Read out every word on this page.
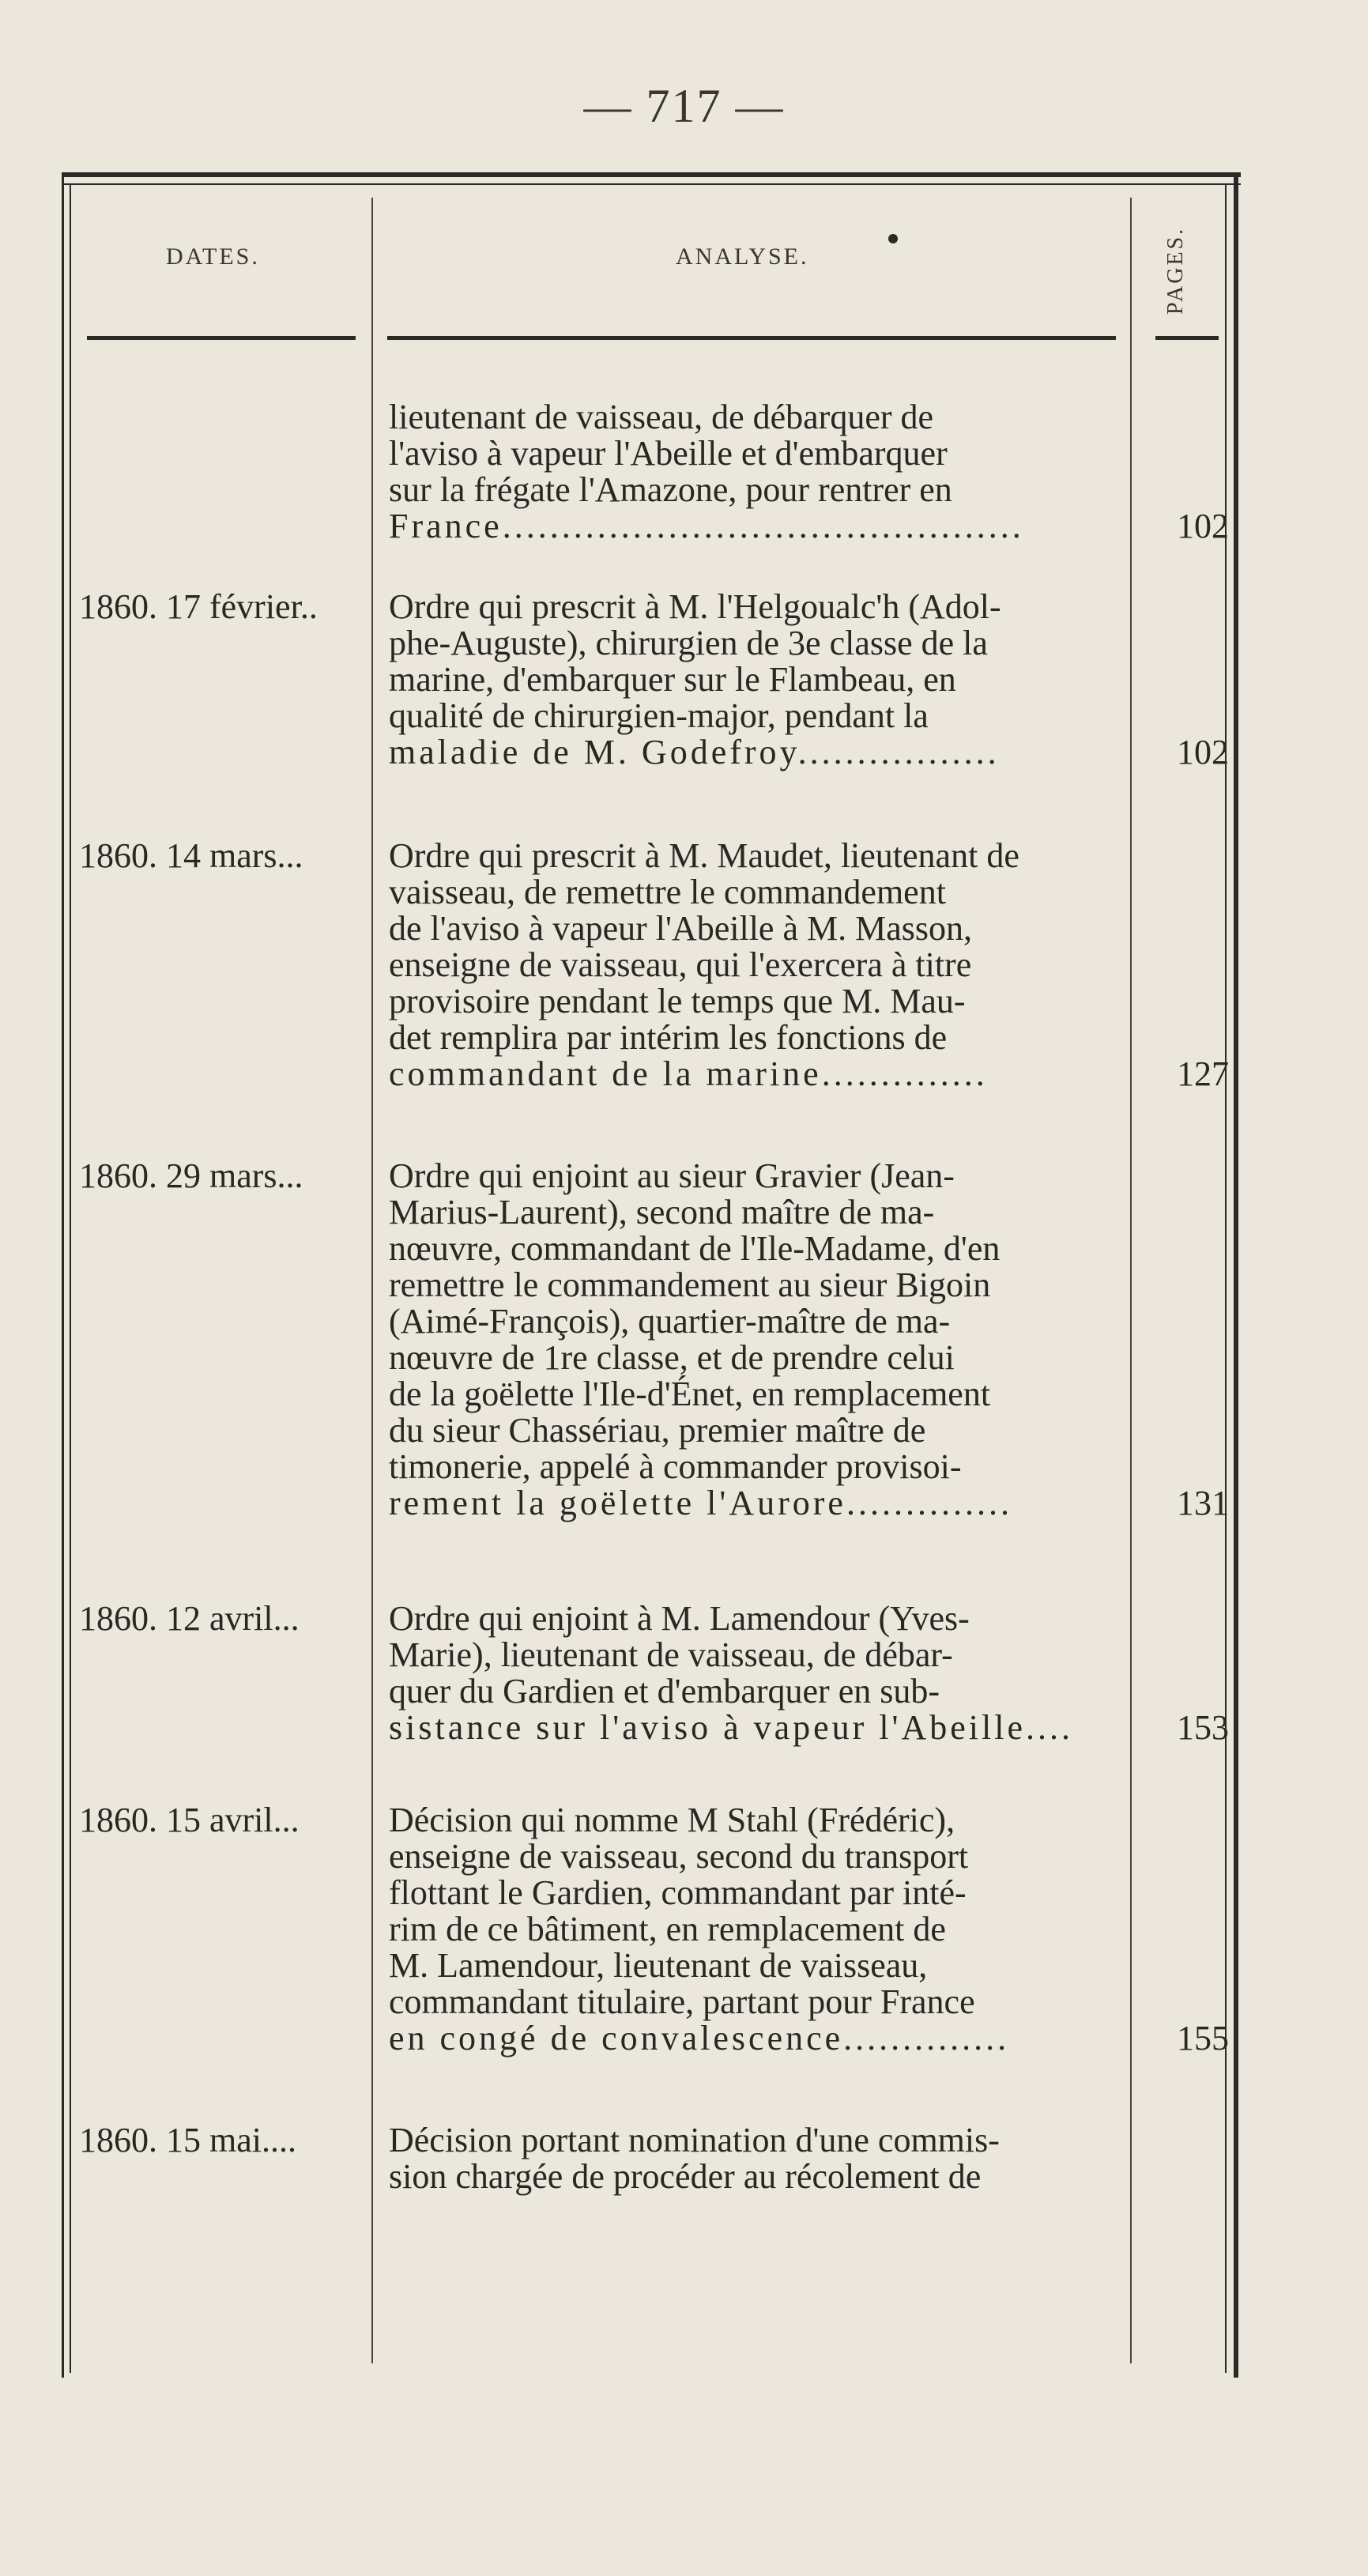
— 717 —
DATES.	ANALYSE.	PAGES.

lieutenant de vaisseau, de débarquer de

l'aviso à vapeur l'Abeille et d'embarquer

sur la frégate l'Amazone, pour rentrer en

France............................................	102
1860. 17 février..	Ordre qui prescrit à M. l'Helgoualc'h (Adol-

phe-Auguste), chirurgien de 3e classe de la

marine, d'embarquer sur le Flambeau, en

qualité de chirurgien-major, pendant la

maladie de M. Godefroy.................	102
1860. 14 mars...	Ordre qui prescrit à M. Maudet, lieutenant de

vaisseau, de remettre le commandement

de l'aviso à vapeur l'Abeille à M. Masson,

enseigne de vaisseau, qui l'exercera à titre

provisoire pendant le temps que M. Mau-

det remplira par intérim les fonctions de

commandant de la marine..............	127
1860. 29 mars...	Ordre qui enjoint au sieur Gravier (Jean-

Marius-Laurent), second maître de ma-

nœuvre, commandant de l'Ile-Madame, d'en

remettre le commandement au sieur Bigoin

(Aimé-François), quartier-maître de ma-

nœuvre de 1re classe, et de prendre celui

de la goëlette l'Ile-d'Énet, en remplacement

du sieur Chassériau, premier maître de

timonerie, appelé à commander provisoi-

rement la goëlette l'Aurore..............	131
1860. 12 avril...	Ordre qui enjoint à M. Lamendour (Yves-

Marie), lieutenant de vaisseau, de débar-

quer du Gardien et d'embarquer en sub-

sistance sur l'aviso à vapeur l'Abeille....	153
1860. 15 avril...	Décision qui nomme M Stahl (Frédéric),

enseigne de vaisseau, second du transport

flottant le Gardien, commandant par inté-

rim de ce bâtiment, en remplacement de

M. Lamendour, lieutenant de vaisseau,

commandant titulaire, partant pour France

en congé de convalescence..............	155
1860. 15 mai....	Décision portant nomination d'une commis-

sion chargée de procéder au récolement de
